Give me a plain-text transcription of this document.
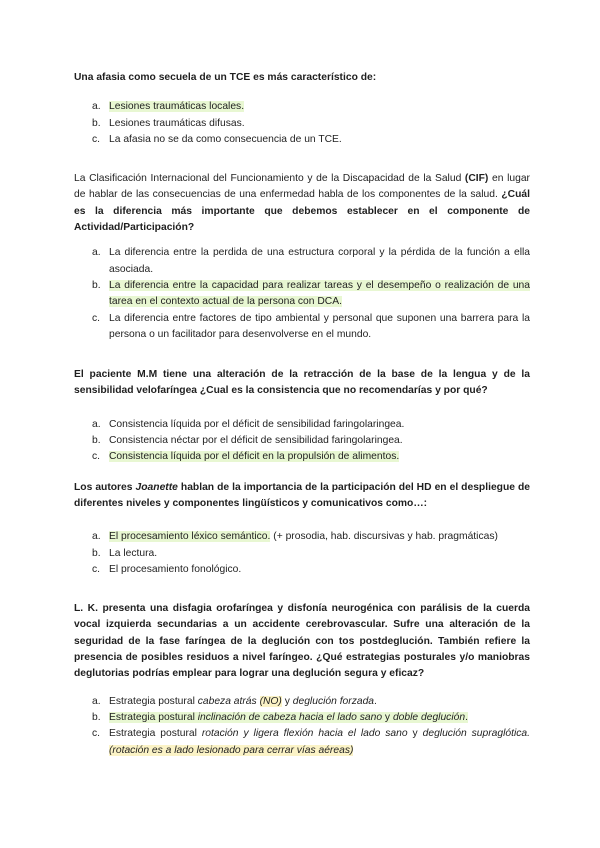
Una afasia como secuela de un TCE es más característico de:

a. Lesiones traumáticas locales.
b. Lesiones traumáticas difusas.
c. La afasia no se da como consecuencia de un TCE.

La Clasificación Internacional del Funcionamiento y de la Discapacidad de la Salud (CIF) en lugar de hablar de las consecuencias de una enfermedad habla de los componentes de la salud. ¿Cuál es la diferencia más importante que debemos establecer en el componente de Actividad/Participación?

a. La diferencia entre la perdida de una estructura corporal y la pérdida de la función a ella asociada.
b. La diferencia entre la capacidad para realizar tareas y el desempeño o realización de una tarea en el contexto actual de la persona con DCA.
c. La diferencia entre factores de tipo ambiental y personal que suponen una barrera para la persona o un facilitador para desenvolverse en el mundo.

El paciente M.M tiene una alteración de la retracción de la base de la lengua y de la sensibilidad velofaríngea ¿Cual es la consistencia que no recomendarías y por qué?

a. Consistencia líquida por el déficit de sensibilidad faringolaringea.
b. Consistencia néctar por el déficit de sensibilidad faringolaringea.
c. Consistencia líquida por el déficit en la propulsión de alimentos.

Los autores Joanette hablan de la importancia de la participación del HD en el despliegue de diferentes niveles y componentes lingüísticos y comunicativos como…:

a. El procesamiento léxico semántico. (+ prosodia, hab. discursivas y hab. pragmáticas)
b. La lectura.
c. El procesamiento fonológico.

L. K. presenta una disfagia orofaríngea y disfonía neurogénica con parálisis de la cuerda vocal izquierda secundarias a un accidente cerebrovascular. Sufre una alteración de la seguridad de la fase faríngea de la deglución con tos postdeglución. También refiere la presencia de posibles residuos a nivel faríngeo. ¿Qué estrategias posturales y/o maniobras deglutorias podrías emplear para lograr una deglución segura y eficaz?

a. Estrategia postural cabeza atrás (NO) y deglución forzada.
b. Estrategia postural inclinación de cabeza hacia el lado sano y doble deglución.
c. Estrategia postural rotación y ligera flexión hacia el lado sano y deglución supraglótica. (rotación es a lado lesionado para cerrar vías aéreas)
